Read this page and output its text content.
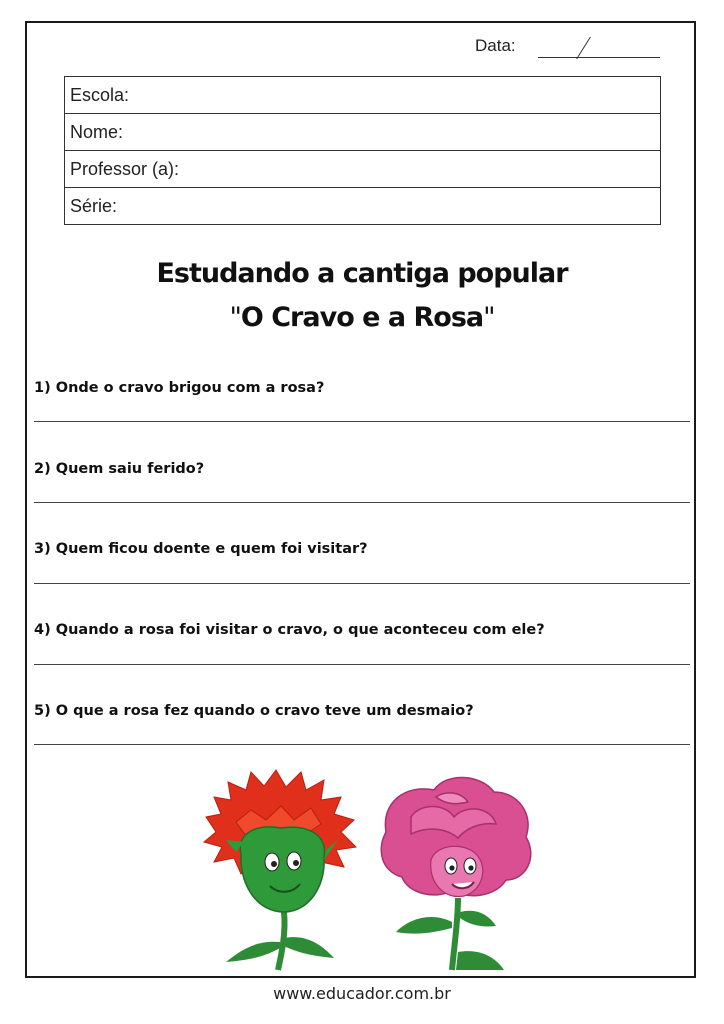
Data:
Escola:
Nome:
Professor (a):
Série:
Estudando a cantiga popular
"O Cravo e a Rosa"
1) Onde o cravo brigou com a rosa?
2) Quem saiu ferido?
3) Quem ficou doente e quem foi visitar?
4) Quando a rosa foi visitar o cravo, o que aconteceu com ele?
5) O que a rosa fez quando o cravo teve um desmaio?
www.educador.com.br
